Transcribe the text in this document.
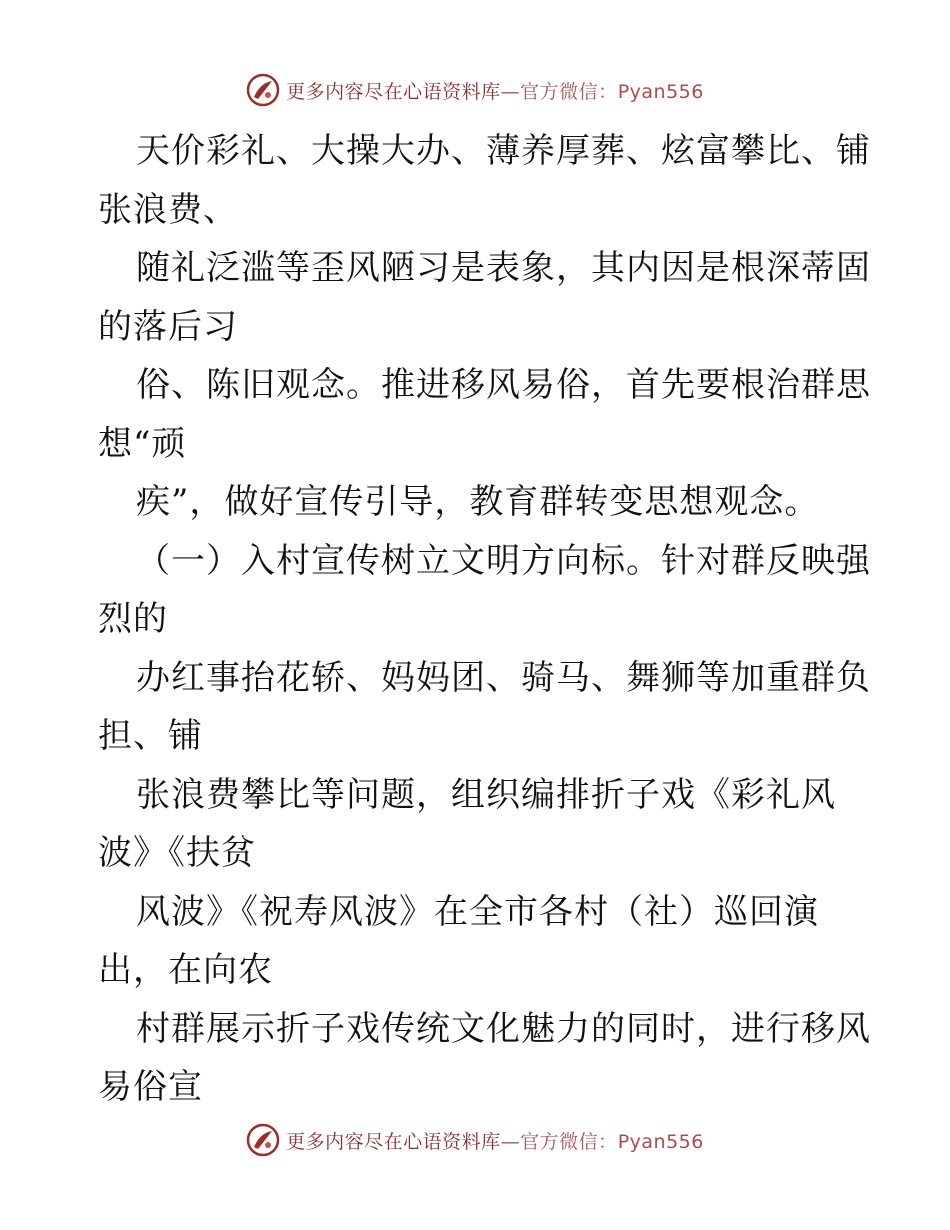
更多内容尽在心语资料库—官方微信：Pyan556
天价彩礼、大操大办、薄养厚葬、炫富攀比、铺
张浪费、
随礼泛滥等歪风陋习是表象，其内因是根深蒂固
的落后习
俗、陈旧观念。推进移风易俗，首先要根治群思
想“顽
疾”，做好宣传引导，教育群转变思想观念。
（一）入村宣传树立文明方向标。针对群反映强
烈的
办红事抬花轿、妈妈团、骑马、舞狮等加重群负
担、铺
张浪费攀比等问题，组织编排折子戏《彩礼风
波》《扶贫
风波》《祝寿风波》在全市各村（社）巡回演
出，在向农
村群展示折子戏传统文化魅力的同时，进行移风
易俗宣
更多内容尽在心语资料库—官方微信：Pyan556
